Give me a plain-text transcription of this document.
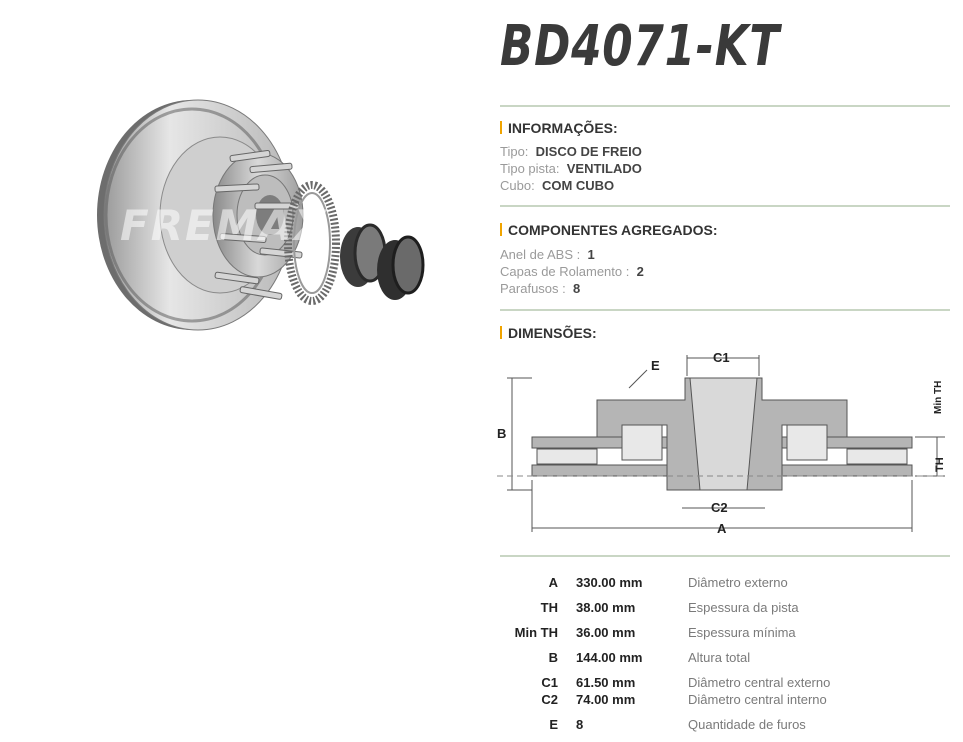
FREMAX
BD4071-KT
INFORMAÇÕES:
Tipo: DISCO DE FREIO
Tipo pista: VENTILADO
Cubo: COM CUBO
COMPONENTES AGREGADOS:
Anel de ABS : 1
Capas de Rolamento : 2
Parafusos : 8
DIMENSÕES:
E
C1
C2
A
B
TH
Min TH
A 330.00 mm	Diâmetro externo
TH 38.00 mm	Espessura da pista
Min TH 36.00 mm	Espessura mínima
B 144.00 mm	Altura total
C1 61.50 mm	Diâmetro central externo
C2 74.00 mm	Diâmetro central interno
E 8	Quantidade de furos
